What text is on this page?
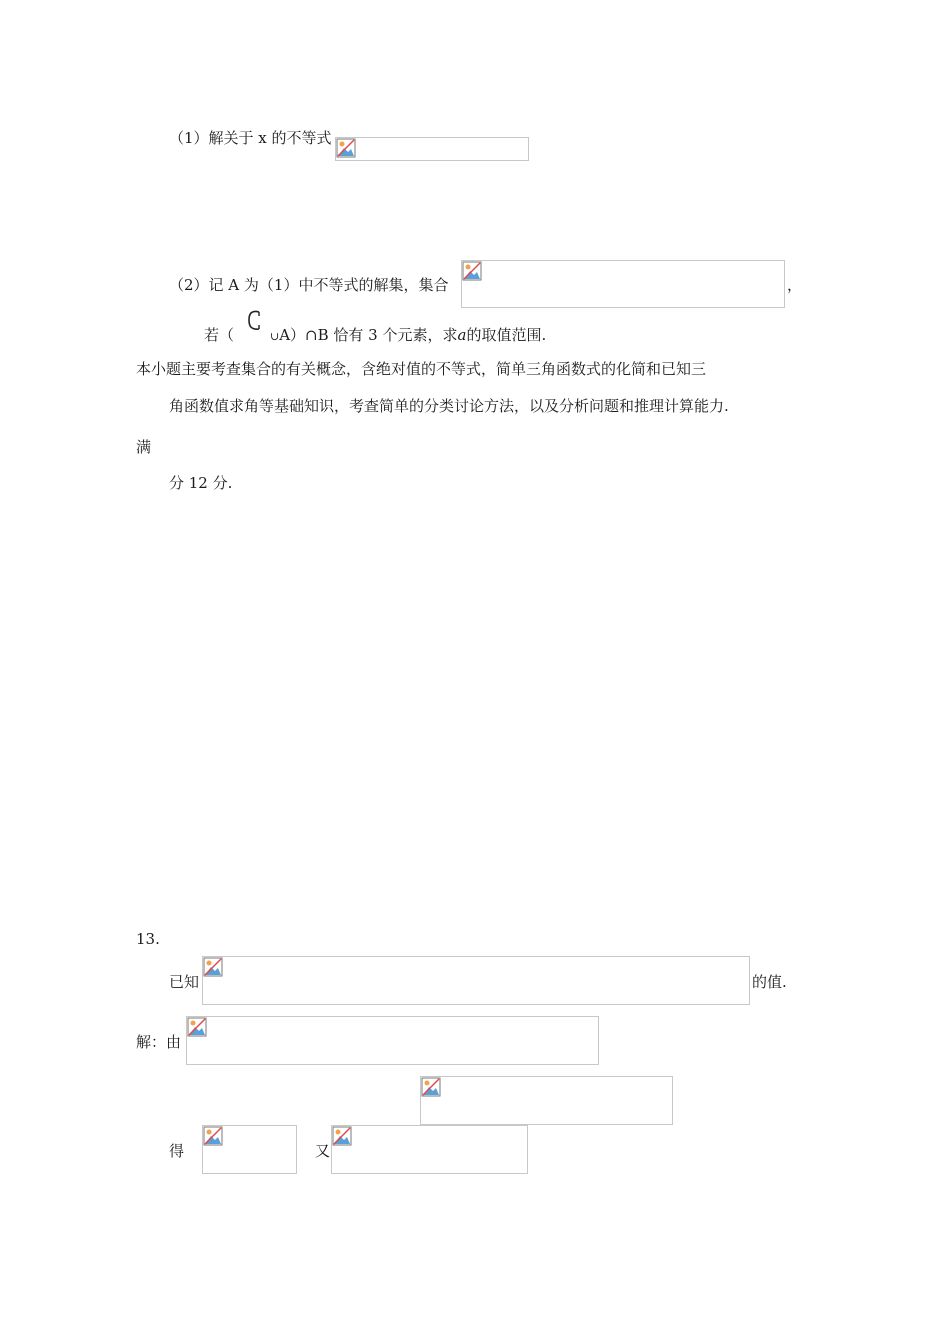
（1）解关于 x 的不等式
（2）记 A 为（1）中不等式的解集，集合	，
若（	∪A）∩B 恰有 3 个元素，求a的取值范围.
本小题主要考查集合的有关概念，含绝对值的不等式，简单三角函数式的化简和已知三
角函数值求角等基础知识，考查简单的分类讨论方法，以及分析问题和推理计算能力.
满
分 12 分.
13.
已知	的值.
解：由
得	又
